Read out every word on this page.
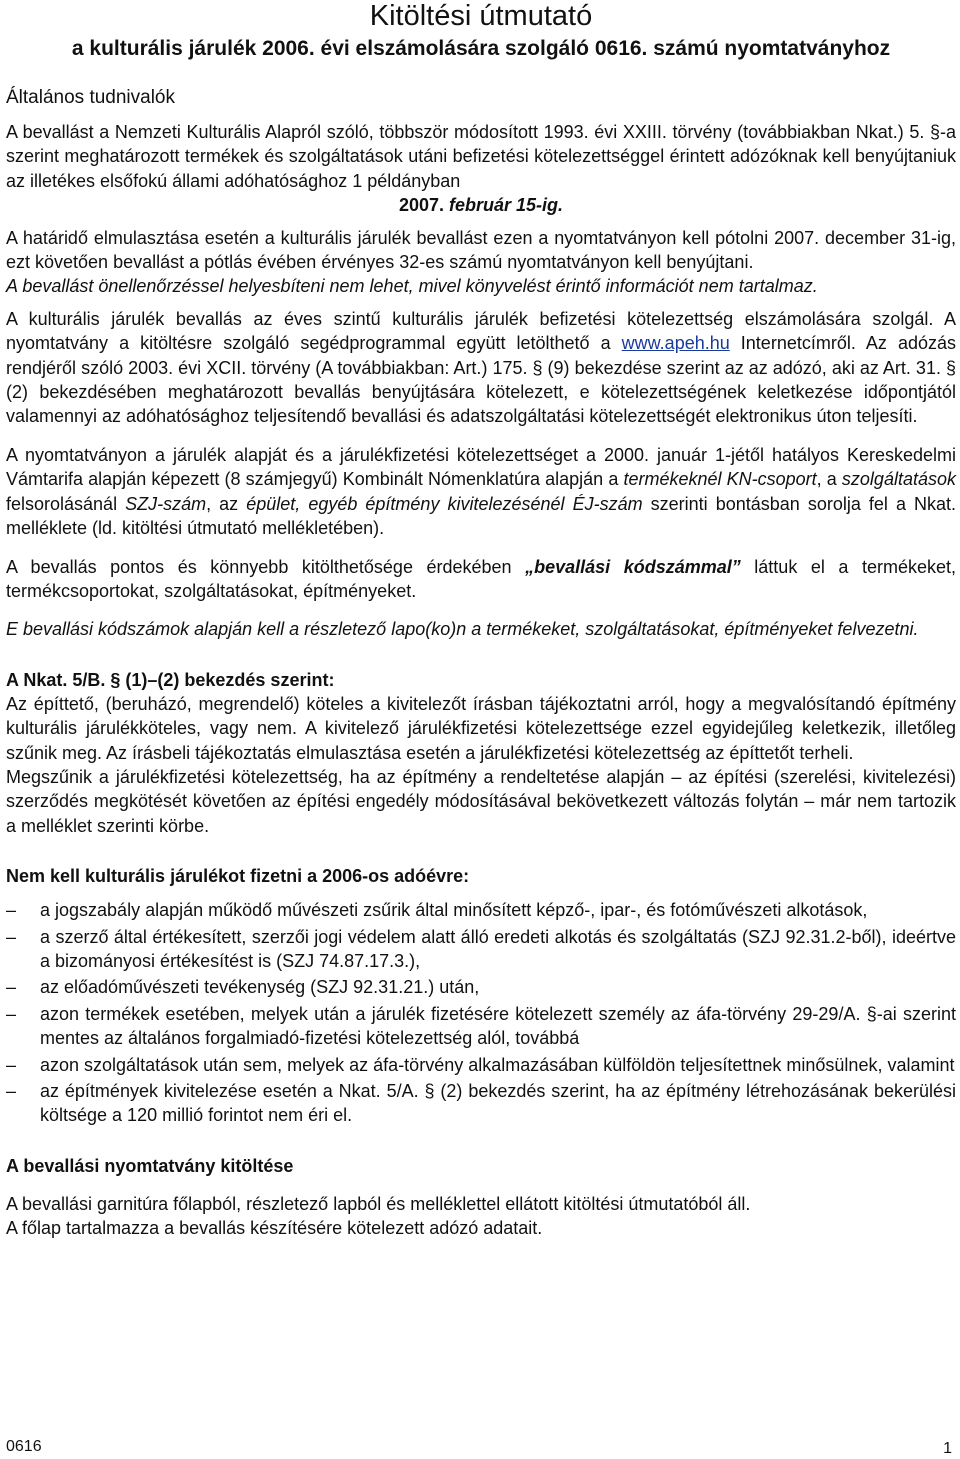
Kitöltési útmutató
a kulturális járulék 2006. évi elszámolására szolgáló 0616. számú nyomtatványhoz
Általános tudnivalók

A bevallást a Nemzeti Kulturális Alapról szóló, többször módosított 1993. évi XXIII. törvény (továbbiakban Nkat.) 5. §-a szerint meghatározott termékek és szolgáltatások utáni befizetési kötelezettséggel érintett adózóknak kell benyújtaniuk az illetékes elsőfokú állami adóhatósághoz 1 példányban

2007. február 15-ig.

A határidő elmulasztása esetén a kulturális járulék bevallást ezen a nyomtatványon kell pótolni 2007. december 31-ig, ezt követően bevallást a pótlás évében érvényes 32-es számú nyomtatványon kell benyújtani.

A bevallást önellenőrzéssel helyesbíteni nem lehet, mivel könyvelést érintő információt nem tartalmaz.

A kulturális járulék bevallás az éves szintű kulturális járulék befizetési kötelezettség elszámolására szolgál. A nyomtatvány a kitöltésre szolgáló segédprogrammal együtt letölthető a www.apeh.hu Internetcímről. Az adózás rendjéről szóló 2003. évi XCII. törvény (A továbbiakban: Art.) 175. § (9) bekezdése szerint az az adózó, aki az Art. 31. § (2) bekezdésében meghatározott bevallás benyújtására kötelezett, e kötelezettségének keletkezése időpontjától valamennyi az adóhatósághoz teljesítendő bevallási és adatszolgáltatási kötelezettségét elektronikus úton teljesíti.

A nyomtatványon a járulék alapját és a járulékfizetési kötelezettséget a 2000. január 1-jétől hatályos Kereskedelmi Vámtarifa alapján képezett (8 számjegyű) Kombinált Nómenklatúra alapján a termékeknél KN-csoport, a szolgáltatások felsorolásánál SZJ-szám, az épület, egyéb építmény kivitelezésénél ÉJ-szám szerinti bontásban sorolja fel a Nkat. melléklete (ld. kitöltési útmutató mellékletében).

A bevallás pontos és könnyebb kitölthetősége érdekében „bevallási kódszámmal” láttuk el a termékeket, termékcsoportokat, szolgáltatásokat, építményeket.

E bevallási kódszámok alapján kell a részletező lapo(ko)n a termékeket, szolgáltatásokat, építményeket felvezetni.

A Nkat. 5/B. § (1)–(2) bekezdés szerint:

Az építtető, (beruházó, megrendelő) köteles a kivitelezőt írásban tájékoztatni arról, hogy a megvalósítandó építmény kulturális járulékköteles, vagy nem. A kivitelező járulékfizetési kötelezettsége ezzel egyidejűleg keletkezik, illetőleg szűnik meg. Az írásbeli tájékoztatás elmulasztása esetén a járulékfizetési kötelezettség az építtetőt terheli.

Megszűnik a járulékfizetési kötelezettség, ha az építmény a rendeltetése alapján – az építési (szerelési, kivitelezési) szerződés megkötését követően az építési engedély módosításával bekövetkezett változás folytán – már nem tartozik a melléklet szerinti körbe.

Nem kell kulturális járulékot fizetni a 2006-os adóévre:
–	a jogszabály alapján működő művészeti zsűrik által minősített képző-, ipar-, és fotóművészeti alkotások,
–	a szerző által értékesített, szerzői jogi védelem alatt álló eredeti alkotás és szolgáltatás (SZJ 92.31.2-ből), ideértve a bizományosi értékesítést is (SZJ 74.87.17.3.),
–	az előadóművészeti tevékenység (SZJ 92.31.21.) után,
–	azon termékek esetében, melyek után a járulék fizetésére kötelezett személy az áfa-törvény 29-29/A. §-ai szerint mentes az általános forgalmiadó-fizetési kötelezettség alól, továbbá
–	azon szolgáltatások után sem, melyek az áfa-törvény alkalmazásában külföldön teljesítettnek minősülnek, valamint
–	az építmények kivitelezése esetén a Nkat. 5/A. § (2) bekezdés szerint, ha az építmény létrehozásának bekerülési költsége a 120 millió forintot nem éri el.
A bevallási nyomtatvány kitöltése

A bevallási garnitúra főlapból, részletező lapból és melléklettel ellátott kitöltési útmutatóból áll.

A főlap tartalmazza a bevallás készítésére kötelezett adózó adatait.

0616	1
